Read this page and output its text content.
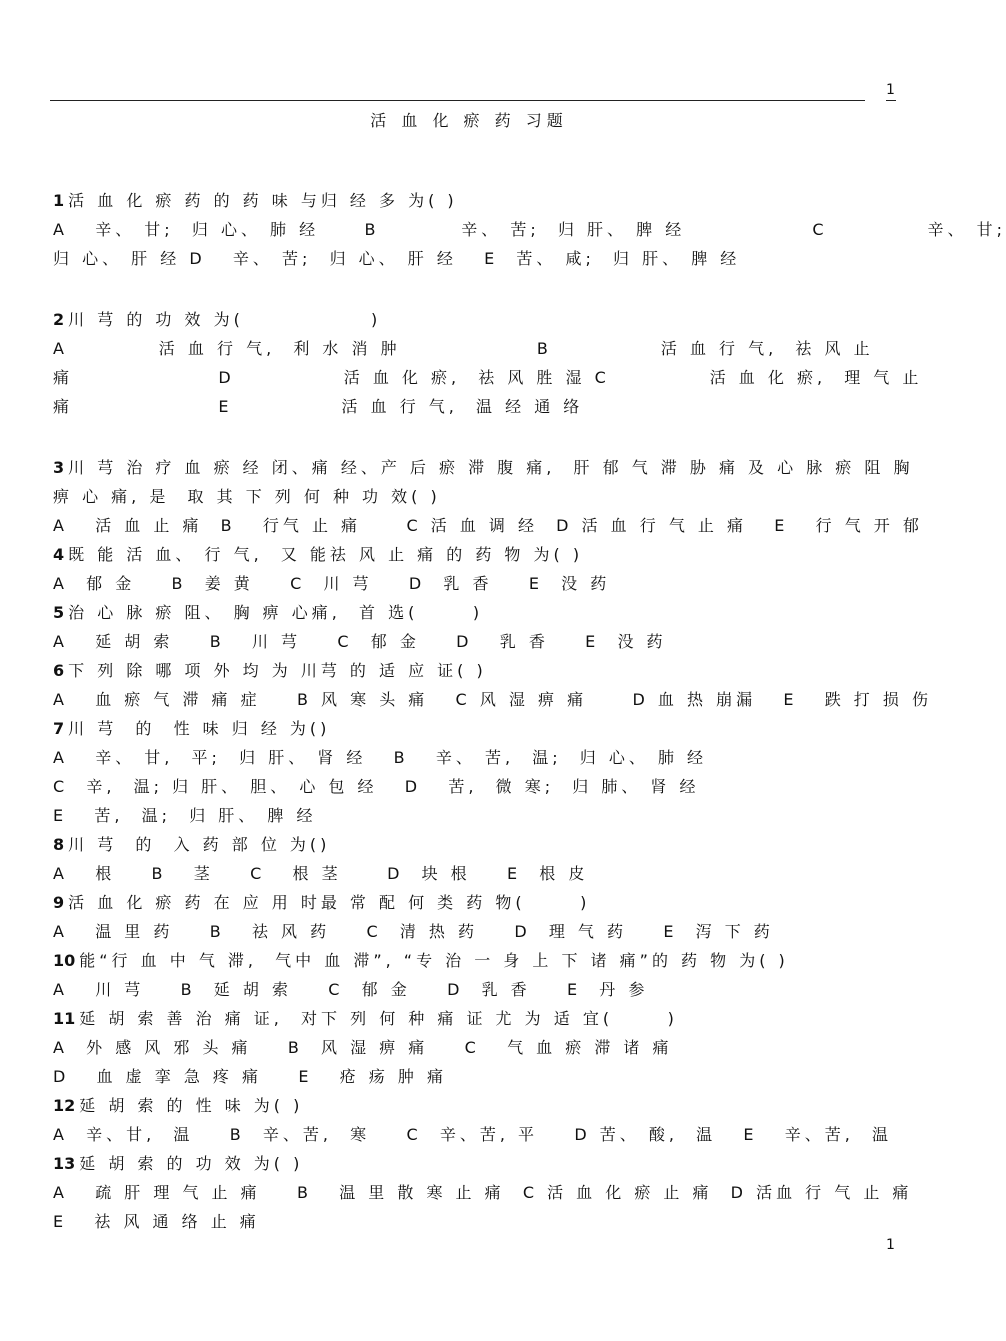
1
活 血 化 瘀 药 习题
1 活 血 化 瘀 药 的 药 味 与归 经 多 为( )
A   辛、 甘;  归 心、 肺 经     B         辛、 苦;  归 肝、 脾 经              C           辛、 甘;
归 心、 肝 经 D   辛、 苦;  归 心、 肝 经   E  苦、 咸;  归 肝、 脾 经
2 川 芎 的 功 效 为(              )
A          活 血 行 气,  利 水 消 肿               B            活 血 行 气,  祛 风 止
痛                D            活 血 化 瘀,  祛 风 胜 湿 C           活 血 化 瘀,  理 气 止
痛                E            活 血 行 气,  温 经 通 络
3 川 芎 治 疗 血 瘀 经 闭、痛 经、产 后 瘀 滞 腹 痛,  肝 郁 气 滞 胁 痛 及 心 脉 瘀 阻 胸
痹 心 痛, 是  取 其 下 列 何 种 功 效( )
A   活 血 止 痛  B   行气 止 痛     C 活 血 调 经  D 活 血 行 气 止 痛   E   行 气 开 郁
4 既 能 活 血、 行 气,  又 能祛 风 止 痛 的 药 物 为( )
A  郁 金    B  姜 黄    C  川 芎    D  乳 香    E  没 药
5 治 心 脉 瘀 阻、 胸 痹 心痛,  首 选(      )
A   延 胡 索    B   川 芎    C  郁 金    D   乳 香    E  没 药
6 下 列 除 哪 项 外 均 为 川芎 的 适 应 证( )
A   血 瘀 气 滞 痛 症    B 风 寒 头 痛   C 风 湿 痹 痛     D 血 热 崩漏   E   跌 打 损 伤
7 川 芎  的  性 味 归 经 为()
A   辛、 甘,  平;  归 肝、 肾 经   B   辛、 苦,  温;  归 心、 肺 经
C  辛,  温; 归 肝、 胆、 心 包 经   D   苦,  微 寒;  归 肺、 肾 经
E   苦,  温;  归 肝、 脾 经
8 川 芎  的  入 药 部 位 为()
A   根    B   茎    C   根 茎     D  块 根    E  根 皮
9 活 血 化 瘀 药 在 应 用 时最 常 配 何 类 药 物(      )
A   温 里 药    B   祛 风 药    C  清 热 药    D  理 气 药    E  泻 下 药
10 能“行 血 中 气 滞,  气中 血 滞”, “专 治 一 身 上 下 诸 痛”的 药 物 为( )
A   川 芎    B  延 胡 索    C  郁 金    D  乳 香    E  丹 参
11 延 胡 索 善 治 痛 证,  对下 列 何 种 痛 证 尤 为 适 宜(      )
A  外 感 风 邪 头 痛    B  风 湿 痹 痛    C   气 血 瘀 滞 诸 痛
D   血 虚 挛 急 疼 痛    E   疮 疡 肿 痛
12 延 胡 索 的 性 味 为( )
A  辛、甘,  温    B  辛、苦,  寒    C  辛、苦, 平    D 苦、 酸,  温   E   辛、苦,  温
13 延 胡 索 的 功 效 为( )
A   疏 肝 理 气 止 痛    B   温 里 散 寒 止 痛  C 活 血 化 瘀 止 痛  D 活血 行 气 止 痛
E   祛 风 通 络 止 痛
1
